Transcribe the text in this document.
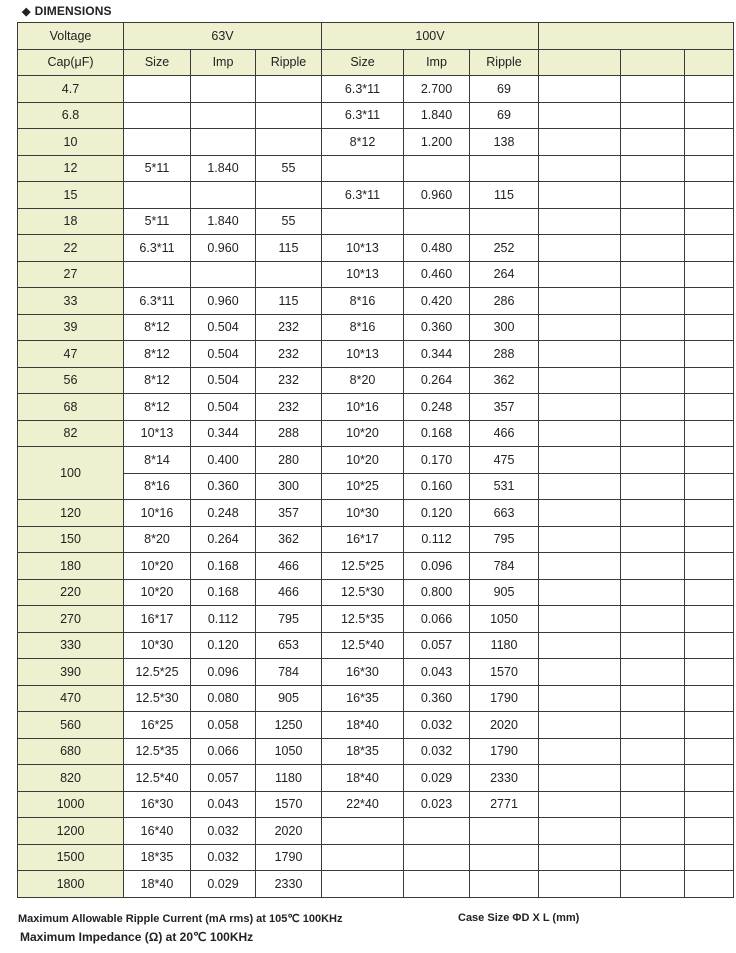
◆ DIMENSIONS
Voltage	63V			100V					
Cap(μF)	Size	Imp	Ripple	Size	Imp	Ripple			
4.7				6.3*11	2.700	69			
6.8				6.3*11	1.840	69			
10				8*12	1.200	138			
12	5*11	1.840	55						
15				6.3*11	0.960	115			
18	5*11	1.840	55						
22	6.3*11	0.960	115	10*13	0.480	252			
27				10*13	0.460	264			
33	6.3*11	0.960	115	8*16	0.420	286			
39	8*12	0.504	232	8*16	0.360	300			
47	8*12	0.504	232	10*13	0.344	288			
56	8*12	0.504	232	8*20	0.264	362			
68	8*12	0.504	232	10*16	0.248	357			
82	10*13	0.344	288	10*20	0.168	466			
100	8*14	0.400	280	10*20	0.170	475			
	8*16	0.360	300	10*25	0.160	531			
120	10*16	0.248	357	10*30	0.120	663			
150	8*20	0.264	362	16*17	0.112	795			
180	10*20	0.168	466	12.5*25	0.096	784			
220	10*20	0.168	466	12.5*30	0.800	905			
270	16*17	0.112	795	12.5*35	0.066	1050			
330	10*30	0.120	653	12.5*40	0.057	1180			
390	12.5*25	0.096	784	16*30	0.043	1570			
470	12.5*30	0.080	905	16*35	0.360	1790			
560	16*25	0.058	1250	18*40	0.032	2020			
680	12.5*35	0.066	1050	18*35	0.032	1790			
820	12.5*40	0.057	1180	18*40	0.029	2330			
1000	16*30	0.043	1570	22*40	0.023	2771			
1200	16*40	0.032	2020						
1500	18*35	0.032	1790						
1800	18*40	0.029	2330						
Maximum Allowable Ripple Current (mA rms) at 105℃ 100KHz	Case Size ΦD X L (mm)
Maximum Impedance (Ω) at 20℃ 100KHz
